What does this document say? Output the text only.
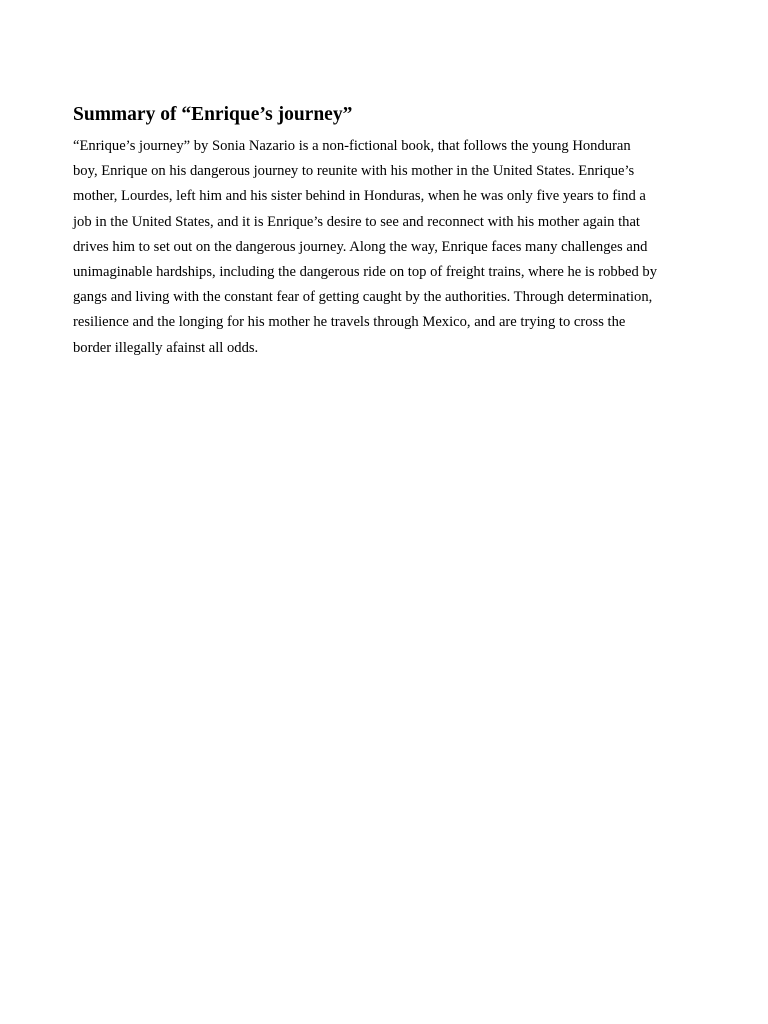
Summary of “Enrique’s journey”

“Enrique’s journey” by Sonia Nazario is a non-fictional book, that follows the young Honduran
boy, Enrique on his dangerous journey to reunite with his mother in the United States. Enrique’s
mother, Lourdes, left him and his sister behind in Honduras, when he was only five years to find a
job in the United States, and it is Enrique’s desire to see and reconnect with his mother again that
drives him to set out on the dangerous journey. Along the way, Enrique faces many challenges and
unimaginable hardships, including the dangerous ride on top of freight trains, where he is robbed by
gangs and living with the constant fear of getting caught by the authorities. Through determination,
resilience and the longing for his mother he travels through Mexico, and are trying to cross the
border illegally afainst all odds.
